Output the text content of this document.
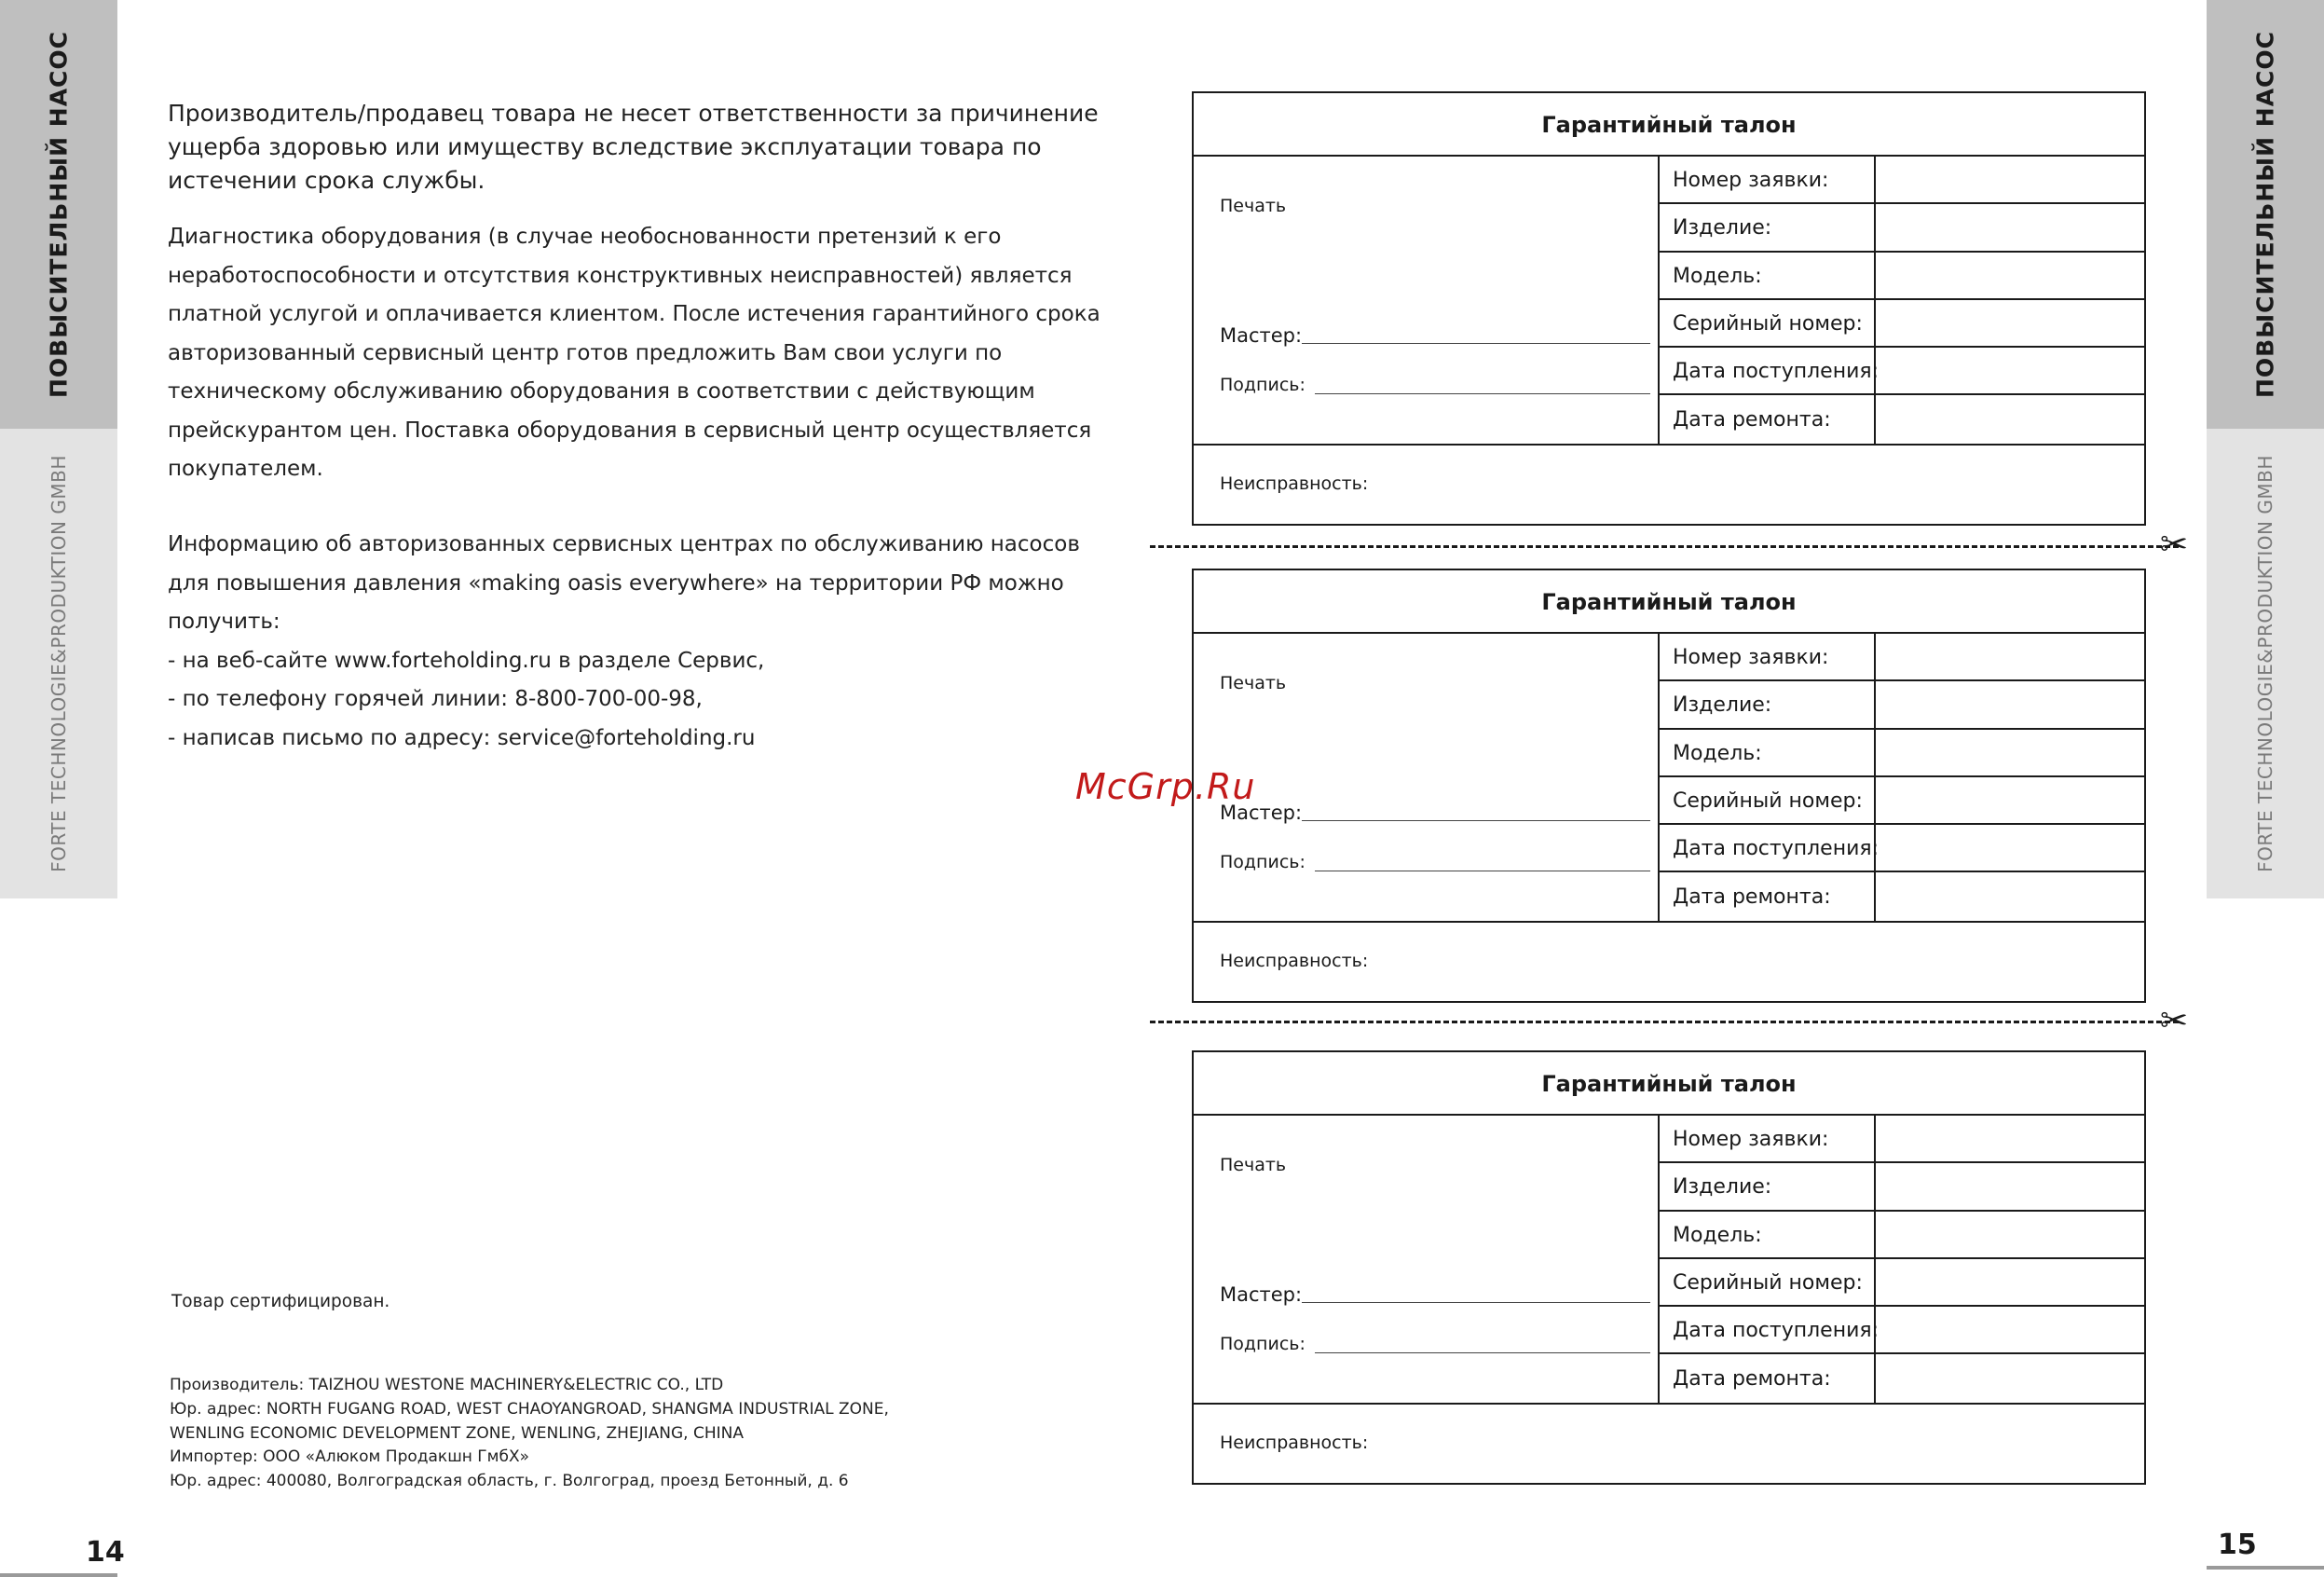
ПОВЫСИТЕЛЬНЫЙ НАСОС
FORTE TECHNOLOGIE&PRODUKTION GMBH
ПОВЫСИТЕЛЬНЫЙ НАСОС
FORTE TECHNOLOGIE&PRODUKTION GMBH

Производитель/продавец товара не несет ответственности за причинение ущерба здоровью или имуществу вследствие эксплуатации товара по истечении срока службы.

Диагностика оборудования (в случае необоснованности претензий к его неработоспособности и отсутствия конструктивных неисправностей) является платной услугой и оплачивается клиентом. После истечения гарантийного срока авторизованный сервисный центр готов предложить Вам свои услуги по техническому обслуживанию оборудования в соответствии с действующим прейскурантом цен. Поставка оборудования в сервисный центр осуществляется покупателем.

Информацию об авторизованных сервисных центрах по обслуживанию насосов для повышения давления «making oasis everywhere» на территории РФ можно получить:
- на веб-сайте www.forteholding.ru в разделе Сервис,
- по телефону горячей линии: 8-800-700-00-98,
- написав письмо по адресу: service@forteholding.ru

Товар сертифицирован.

Производитель: TAIZHOU WESTONE MACHINERY&ELECTRIC CO., LTD
Юр. адрес: NORTH FUGANG ROAD, WEST CHAOYANGROAD, SHANGMA INDUSTRIAL ZONE,
WENLING ECONOMIC DEVELOPMENT ZONE, WENLING, ZHEJIANG, CHINA
Импортер: ООО «Алюком Продакшн ГмбХ»
Юр. адрес: 400080, Волгоградская область, г. Волгоград, проезд Бетонный, д. 6
14	15
Гарантийный талон
Печать
Мастер:
Подпись:
Номер заявки:
Изделие:
Модель:
Серийный номер:
Дата поступления:
Дата ремонта:
Неисправность:
Гарантийный талон
Печать
Мастер:
Подпись:
Номер заявки:
Изделие:
Модель:
Серийный номер:
Дата поступления:
Дата ремонта:
Неисправность:
Гарантийный талон
Печать
Мастер:
Подпись:
Номер заявки:
Изделие:
Модель:
Серийный номер:
Дата поступления:
Дата ремонта:
Неисправность:
✂
✂
McGrp.Ru
